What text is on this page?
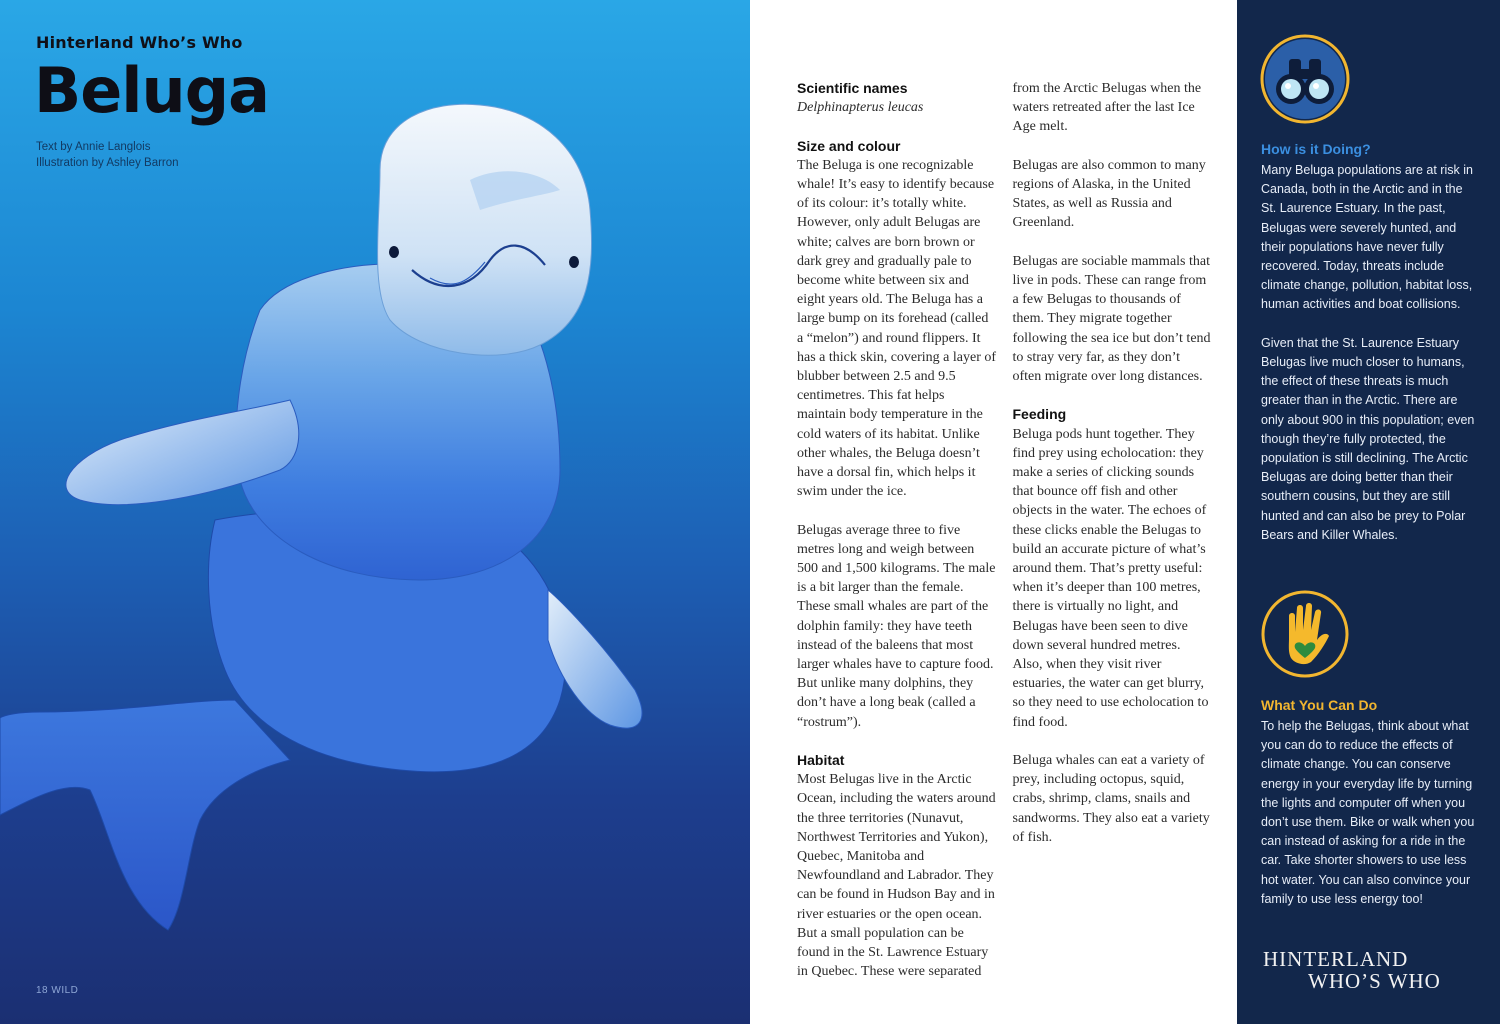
Hinterland Who’s Who
Beluga
Text by Annie Langlois
Illustration by Ashley Barron
18 WILD
Scientific names

Delphinapterus leucas

Size and colour

The Beluga is one recognizable whale! It’s easy to identify because of its colour: it’s totally white. However, only adult Belugas are white; calves are born brown or dark grey and gradually pale to become white between six and eight years old. The Beluga has a large bump on its forehead (called a “melon”) and round flippers. It has a thick skin, covering a layer of blubber between 2.5 and 9.5 centimetres. This fat helps maintain body temperature in the cold waters of its habitat. Unlike other whales, the Beluga doesn’t have a dorsal fin, which helps it swim under the ice.

Belugas average three to five metres long and weigh between 500 and 1,500 kilograms. The male is a bit larger than the female. These small whales are part of the dolphin family: they have teeth instead of the baleens that most larger whales have to capture food. But unlike many dolphins, they don’t have a long beak (called a “rostrum”).

Habitat

Most Belugas live in the Arctic Ocean, including the waters around the three territories (Nunavut, Northwest Territories and Yukon), Quebec, Manitoba and Newfoundland and Labrador. They can be found in Hudson Bay and in river estuaries or the open ocean. But a small population can be found in the St. Lawrence Estuary in Quebec. These were separated from the Arctic Belugas when the waters retreated after the last Ice Age melt.

Belugas are also common to many regions of Alaska, in the United States, as well as Russia and Greenland.

Belugas are sociable mammals that live in pods. These can range from a few Belugas to thousands of them. They migrate together following the sea ice but don’t tend to stray very far, as they don’t often migrate over long distances.

Feeding

Beluga pods hunt together. They find prey using echolocation: they make a series of clicking sounds that bounce off fish and other objects in the water. The echoes of these clicks enable the Belugas to build an accurate picture of what’s around them. That’s pretty useful: when it’s deeper than 100 metres, there is virtually no light, and Belugas have been seen to dive down several hundred metres. Also, when they visit river estuaries, the water can get blurry, so they need to use echolocation to find food.

Beluga whales can eat a variety of prey, including octopus, squid, crabs, shrimp, clams, snails and sandworms. They also eat a variety of fish.

How is it Doing?

Many Beluga populations are at risk in Canada, both in the Arctic and in the St. Laurence Estuary. In the past, Belugas were severely hunted, and their populations have never fully recovered. Today, threats include climate change, pollution, habitat loss, human activities and boat collisions.

Given that the St. Laurence Estuary Belugas live much closer to humans, the effect of these threats is much greater than in the Arctic. There are only about 900 in this population; even though they’re fully protected, the population is still declining. The Arctic Belugas are doing better than their southern cousins, but they are still hunted and can also be prey to Polar Bears and Killer Whales.

What You Can Do

To help the Belugas, think about what you can do to reduce the effects of climate change. You can conserve energy in your everyday life by turning the lights and computer off when you don’t use them. Bike or walk when you can instead of asking for a ride in the car. Take shorter showers to use less hot water. You can also convince your family to use less energy too!

HINTERLAND
WHO’S WHO
